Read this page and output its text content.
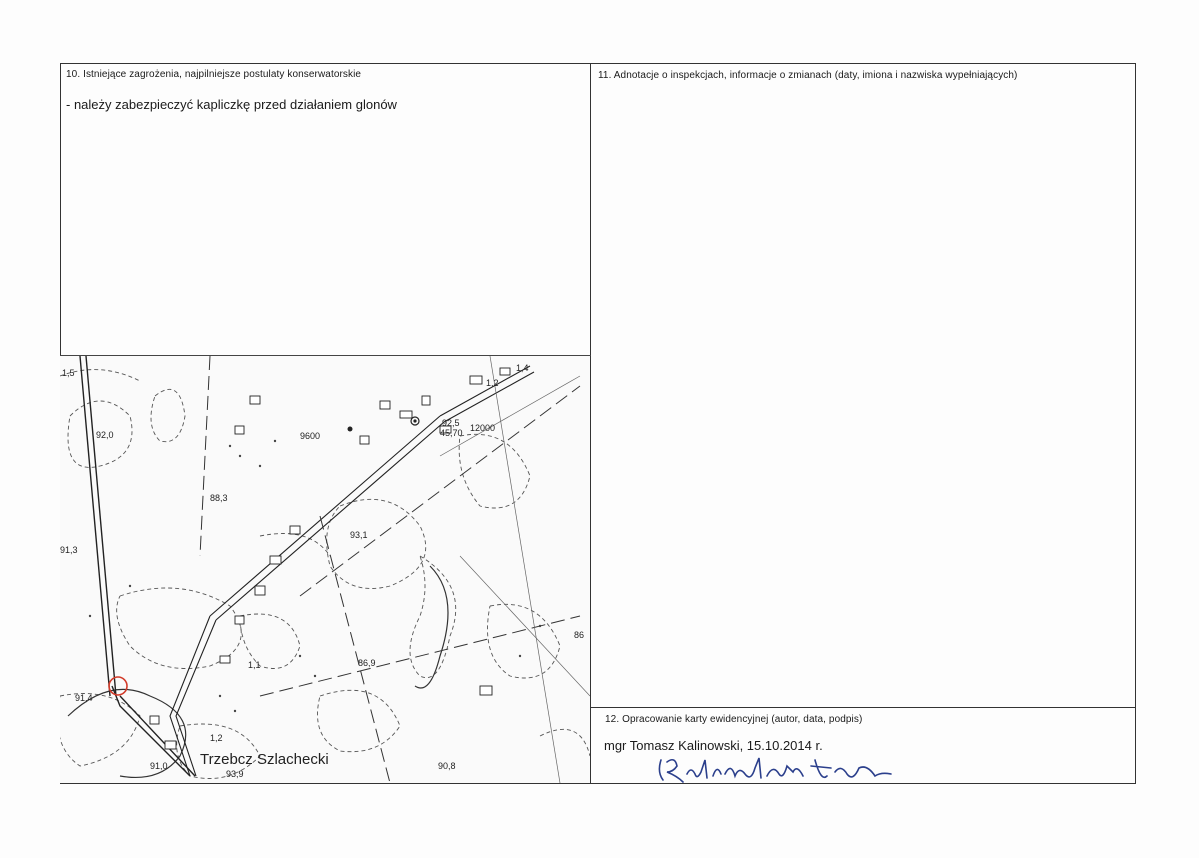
10. Istniejące zagrożenia, najpilniejsze postulaty konserwatorskie
- należy zabezpieczyć kapliczkę przed działaniem glonów
11. Adnotacje o inspekcjach, informacje o zmianach (daty, imiona i nazwiska wypełniających)
12. Opracowanie karty ewidencyjnej (autor, data, podpis)
mgr Tomasz Kalinowski, 15.10.2014 r.
1,5
92,0
88,3
9600
92,5
45,70 12000
93,1
91,3
86,9
1,1
91,4
1,2
91,0
93,9
90,8
86
1,4
1,2
Trzebcz Szlachecki
